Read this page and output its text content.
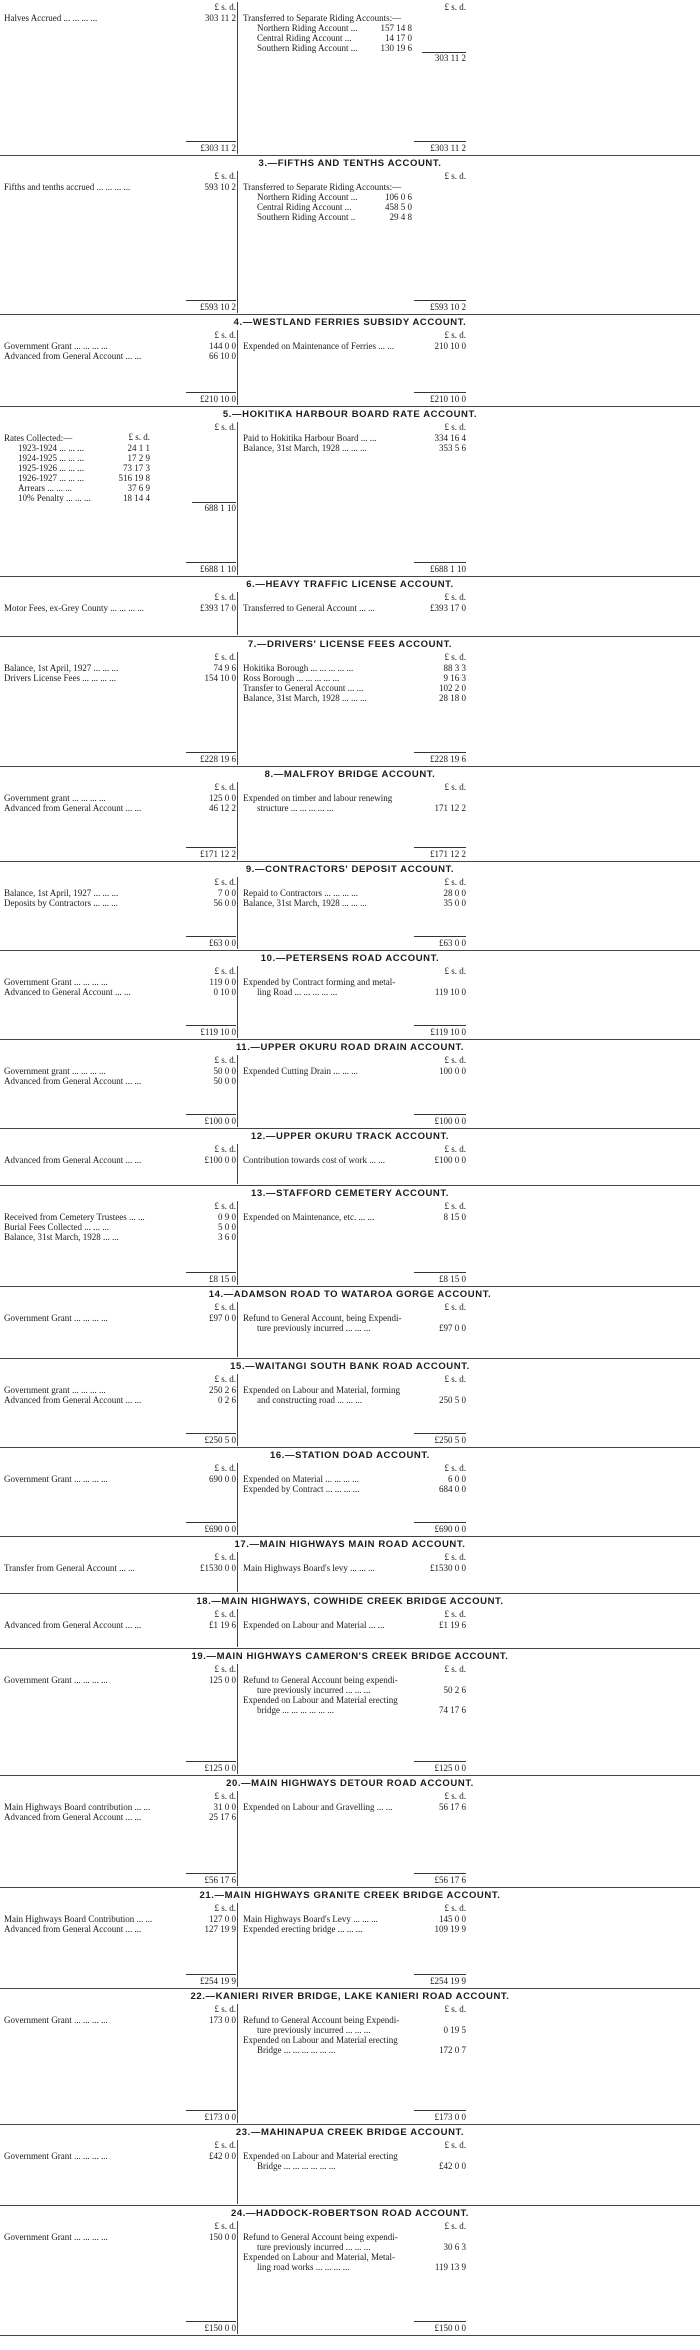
£ s. d.	£ s. d.
Halves Accrued ... ... ... ...	303 11 2 Transferred to Separate Riding Accounts:—
Northern Riding Account ...	157 14 8
Central Riding Account ...	14 17 0
Southern Riding Account ...	130 19 6
303 11 2
£303 11 2	£303 11 2
3.—FIFTHS AND TENTHS ACCOUNT.
£ s. d.	£ s. d.
Fifths and tenths accrued ... ... ... ...	593 10 2 Transferred to Separate Riding Accounts:—
Northern Riding Account ...	106 0 6
Central Riding Account ...	458 5 0
Southern Riding Account ..	29 4 8
£593 10 2	£593 10 2
4.—WESTLAND FERRIES SUBSIDY ACCOUNT.
£ s. d.	£ s. d.
Government Grant ... ... ... ...	144 0 0
Advanced from General Account ... ...	66 10 0
Expended on Maintenance of Ferries ... ...	210 10 0
£210 10 0	£210 10 0
5.—HOKITIKA HARBOUR BOARD RATE ACCOUNT.
£ s. d.	£ s. d.
£ s. d.
Rates Collected:—
1923-1924 ... ... ...	24 1 1
1924-1925 ... ... ...	17 2 9
1925-1926 ... ... ...	73 17 3
1926-1927 ... ... ...	516 19 8
Arrears ... ... ...	37 6 9
10% Penalty ... ... ...	18 14 4
688 1 10
Paid to Hokitika Harbour Board ... ...	334 16 4
Balance, 31st March, 1928 ... ... ...	353 5 6
£688 1 10	£688 1 10
6.—HEAVY TRAFFIC LICENSE ACCOUNT.
£ s. d.	£ s. d.
Motor Fees, ex-Grey County ... ... ... ...	£393 17 0 Transferred to General Account ... ...	£393 17 0
7.—DRIVERS' LICENSE FEES ACCOUNT.
£ s. d.	£ s. d.
Balance, 1st April, 1927 ... ... ...	74 9 6
Drivers License Fees ... ... ... ...	154 10 0
Hokitika Borough ... ... ... ... ...	88 3 3
Ross Borough ... ... ... ... ...	9 16 3
Transfer to General Account ... ...	102 2 0
Balance, 31st March, 1928 ... ... ...	28 18 0
£228 19 6	£228 19 6
8.—MALFROY BRIDGE ACCOUNT.
£ s. d.	£ s. d.
Government grant ... ... ... ...	125 0 0
Advanced from General Account ... ...	46 12 2
Expended on timber and labour renewing
structure ... ... ... ... ...	171 12 2
£171 12 2	£171 12 2
9.—CONTRACTORS' DEPOSIT ACCOUNT.
£ s. d.	£ s. d.
Balance, 1st April, 1927 ... ... ...	7 0 0
Deposits by Contractors ... ... ...	56 0 0
Repaid to Contractors ... ... ... ...	28 0 0
Balance, 31st March, 1928 ... ... ...	35 0 0
£63 0 0	£63 0 0
10.—PETERSENS ROAD ACCOUNT.
£ s. d.	£ s. d.
Government Grant ... ... ... ...	119 0 0
Advanced to General Account ... ...	0 10 0
Expended by Contract forming and metal-
ling Road ... ... ... ... ...	119 10 0
£119 10 0	£119 10 0
11.—UPPER OKURU ROAD DRAIN ACCOUNT.
£ s. d.	£ s. d.
Government grant ... ... ... ...	50 0 0
Advanced from General Account ... ...	50 0 0
Expended Cutting Drain ... ... ...	100 0 0
£100 0 0	£100 0 0
12.—UPPER OKURU TRACK ACCOUNT.
£ s. d.	£ s. d.
Advanced from General Account ... ...	£100 0 0 Contribution towards cost of work ... ...	£100 0 0
13.—STAFFORD CEMETERY ACCOUNT.
£ s. d.	£ s. d.
Received from Cemetery Trustees ... ...	0 9 0
Burial Fees Collected ... ... ...	5 0 0
Balance, 31st March, 1928 ... ...	3 6 0
Expended on Maintenance, etc. ... ...	8 15 0
£8 15 0	£8 15 0
14.—ADAMSON ROAD TO WATAROA GORGE ACCOUNT.
£ s. d.	£ s. d.
Government Grant ... ... ... ...	£97 0 0 Refund to General Account, being Expendi-
ture previously incurred ... ... ...	£97 0 0
15.—WAITANGI SOUTH BANK ROAD ACCOUNT.
£ s. d.	£ s. d.
Government grant ... ... ... ...	250 2 6
Advanced from General Account ... ...	0 2 6
Expended on Labour and Material, forming
and constructing road ... ... ...	250 5 0
£250 5 0	£250 5 0
16.—STATION DOAD ACCOUNT.
£ s. d.	£ s. d.
Government Grant ... ... ... ...	690 0 0 Expended on Material ... ... ... ...	6 0 0
Expended by Contract ... ... ... ...	684 0 0
£690 0 0	£690 0 0
17.—MAIN HIGHWAYS MAIN ROAD ACCOUNT.
£ s. d.	£ s. d.
Transfer from General Account ... ...	£1530 0 0 Main Highways Board's levy ... ... ...	£1530 0 0
18.—MAIN HIGHWAYS, COWHIDE CREEK BRIDGE ACCOUNT.
£ s. d.	£ s. d.
Advanced from General Account ... ...	£1 19 6 Expended on Labour and Material ... ...	£1 19 6
19.—MAIN HIGHWAYS CAMERON'S CREEK BRIDGE ACCOUNT.
£ s. d.	£ s. d.
Government Grant ... ... ... ...	125 0 0 Refund to General Account being expendi-
ture previously incurred ... ... ...	50 2 6
Expended on Labour and Material erecting
bridge ... ... ... ... ... ...	74 17 6
£125 0 0	£125 0 0
20.—MAIN HIGHWAYS DETOUR ROAD ACCOUNT.
£ s. d.	£ s. d.
Main Highways Board contribution ... ...	31 0 0
Advanced from General Account ... ...	25 17 6
Expended on Labour and Gravelling ... ...	56 17 6
£56 17 6	£56 17 6
21.—MAIN HIGHWAYS GRANITE CREEK BRIDGE ACCOUNT.
£ s. d.	£ s. d.
Main Highways Board Contribution ... ...	127 0 0
Advanced from General Account ... ...	127 19 9
Main Highways Board's Levy ... ... ...	145 0 0
Expended erecting bridge ... ... ...	109 19 9
£254 19 9	£254 19 9
22.—KANIERI RIVER BRIDGE, LAKE KANIERI ROAD ACCOUNT.
£ s. d.	£ s. d.
Government Grant ... ... ... ...	173 0 0 Refund to General Account being Expendi-
ture previously incurred ... ... ...	0 19 5
Expended on Labour and Material erecting
Bridge ... ... ... ... ... ...	172 0 7
£173 0 0	£173 0 0
23.—MAHINAPUA CREEK BRIDGE ACCOUNT.
£ s. d.	£ s. d.
Government Grant ... ... ... ...	£42 0 0 Expended on Labour and Material erecting
Bridge ... ... ... ... ... ...	£42 0 0
24.—HADDOCK-ROBERTSON ROAD ACCOUNT.
£ s. d.	£ s. d.
Government Grant ... ... ... ...	150 0 0 Refund to General Account being expendi-
ture previously incurred ... ... ...	30 6 3
Expended on Labour and Material, Metal-
ling road works ... ... ... ...	119 13 9
£150 0 0	£150 0 0
